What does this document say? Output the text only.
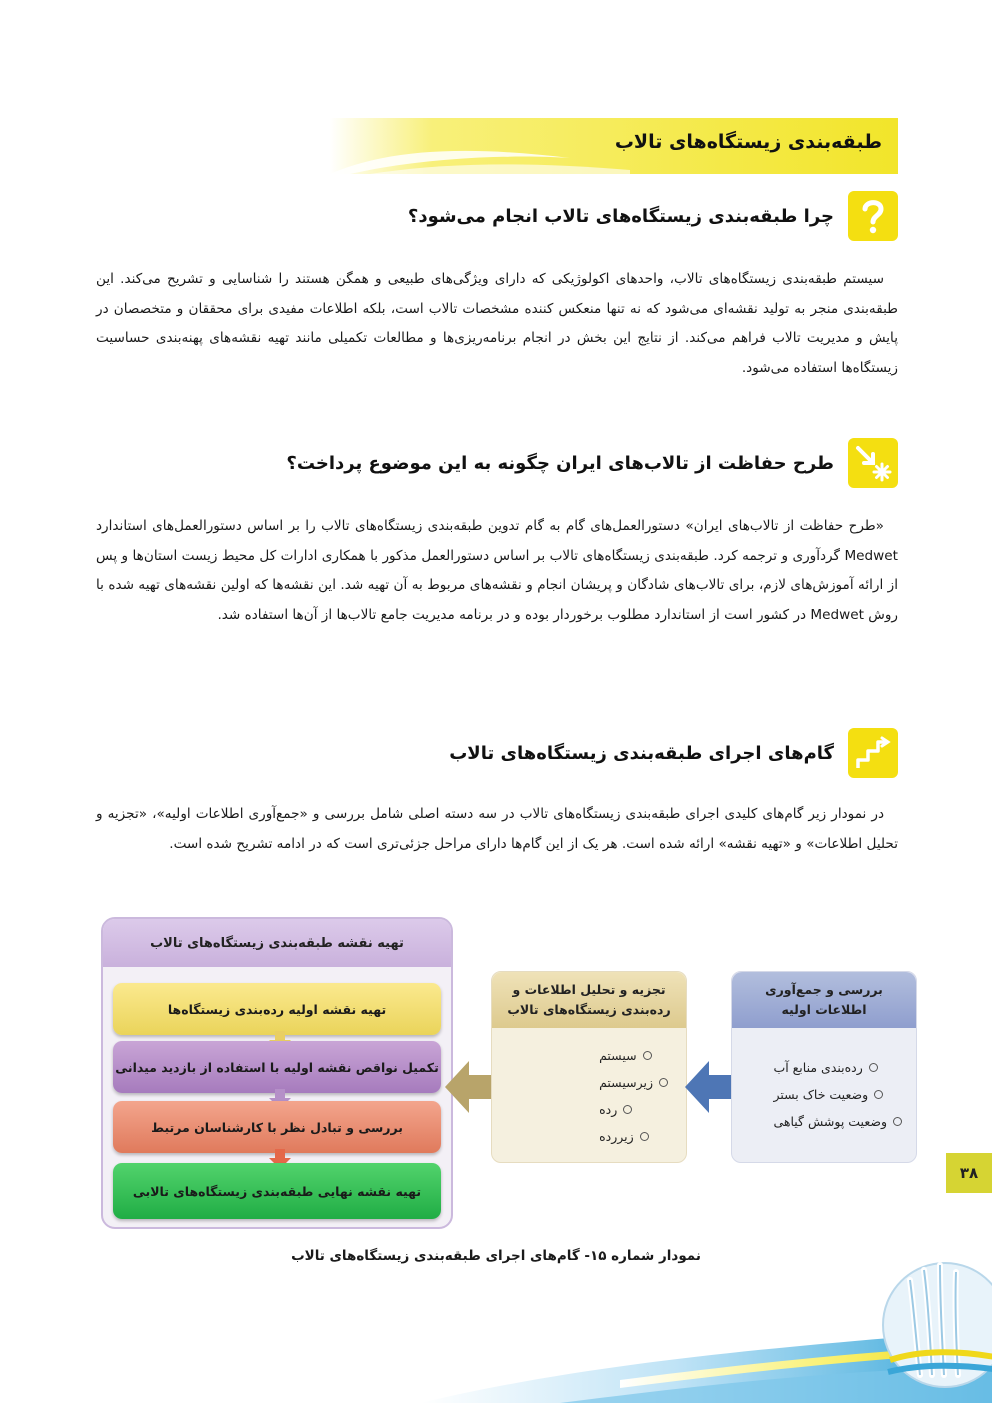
طبقه‌بندی زیستگاه‌های تالاب
چرا طبقه‌بندی زیستگاه‌های تالاب انجام می‌شود؟

سیستم طبقه‌بندی زیستگاه‌های تالاب، واحدهای اکولوژیکی که دارای ویژگی‌های طبیعی و همگن هستند را شناسایی و تشریح می‌کند. این طبقه‌بندی منجر به تولید نقشه‌ای می‌شود که نه تنها منعکس کننده مشخصات تالاب است، بلکه اطلاعات مفیدی برای محققان و متخصصان در پایش و مدیریت تالاب فراهم می‌کند. از نتایج این بخش در انجام برنامه‌ریزی‌ها و مطالعات تکمیلی مانند تهیه نقشه‌های پهنه‌بندی حساسیت زیستگاه‌ها استفاده می‌شود.

طرح حفاظت از تالاب‌های ایران چگونه به این موضوع پرداخت؟

«طرح حفاظت از تالاب‌های ایران» دستورالعمل‌های گام به گام تدوین طبقه‌بندی زیستگاه‌های تالاب را بر اساس دستورالعمل‌های استاندارد Medwet گردآوری و ترجمه کرد. طبقه‌بندی زیستگاه‌های تالاب بر اساس دستورالعمل مذکور با همکاری ادارات کل محیط زیست استان‌ها و پس از ارائه آموزش‌های لازم، برای تالاب‌های شادگان و پریشان انجام و نقشه‌های مربوط به آن تهیه شد. این نقشه‌ها که اولین نقشه‌های تهیه شده با روش Medwet در کشور است از استاندارد مطلوب برخوردار بوده و در برنامه مدیریت جامع تالاب‌ها از آن‌ها استفاده شد.

گام‌های اجرای طبقه‌بندی زیستگاه‌های تالاب

در نمودار زیر گام‌های کلیدی اجرای طبقه‌بندی زیستگاه‌های تالاب در سه دسته اصلی شامل بررسی و «جمع‌آوری اطلاعات اولیه»، «تجزیه و تحلیل اطلاعات» و «تهیه نقشه» ارائه شده است. هر یک از این گام‌ها دارای مراحل جزئی‌تری است که در ادامه تشریح شده است.

تهیه نقشه طبقه‌بندی زیستگاه‌های تالاب
تهیه نقشه اولیه رده‌بندی زیستگاه‌ها
تکمیل نواقص نقشه اولیه با استفاده از بازدید میدانی
بررسی و تبادل نظر با کارشناسان مرتبط
تهیه نقشه نهایی طبقه‌بندی زیستگاه‌های تالابی
تجزیه و تحلیل اطلاعات و
رده‌بندی زیستگاه‌های تالاب
سیستم
زیرسیستم
رده
زیررده
بررسی و جمع‌آوری
اطلاعات اولیه
رده‌بندی منابع آب
وضعیت خاک بستر
وضعیت پوشش گیاهی
نمودار شماره ۱۵- گام‌های اجرای طبقه‌بندی زیستگاه‌های تالاب
۳۸
